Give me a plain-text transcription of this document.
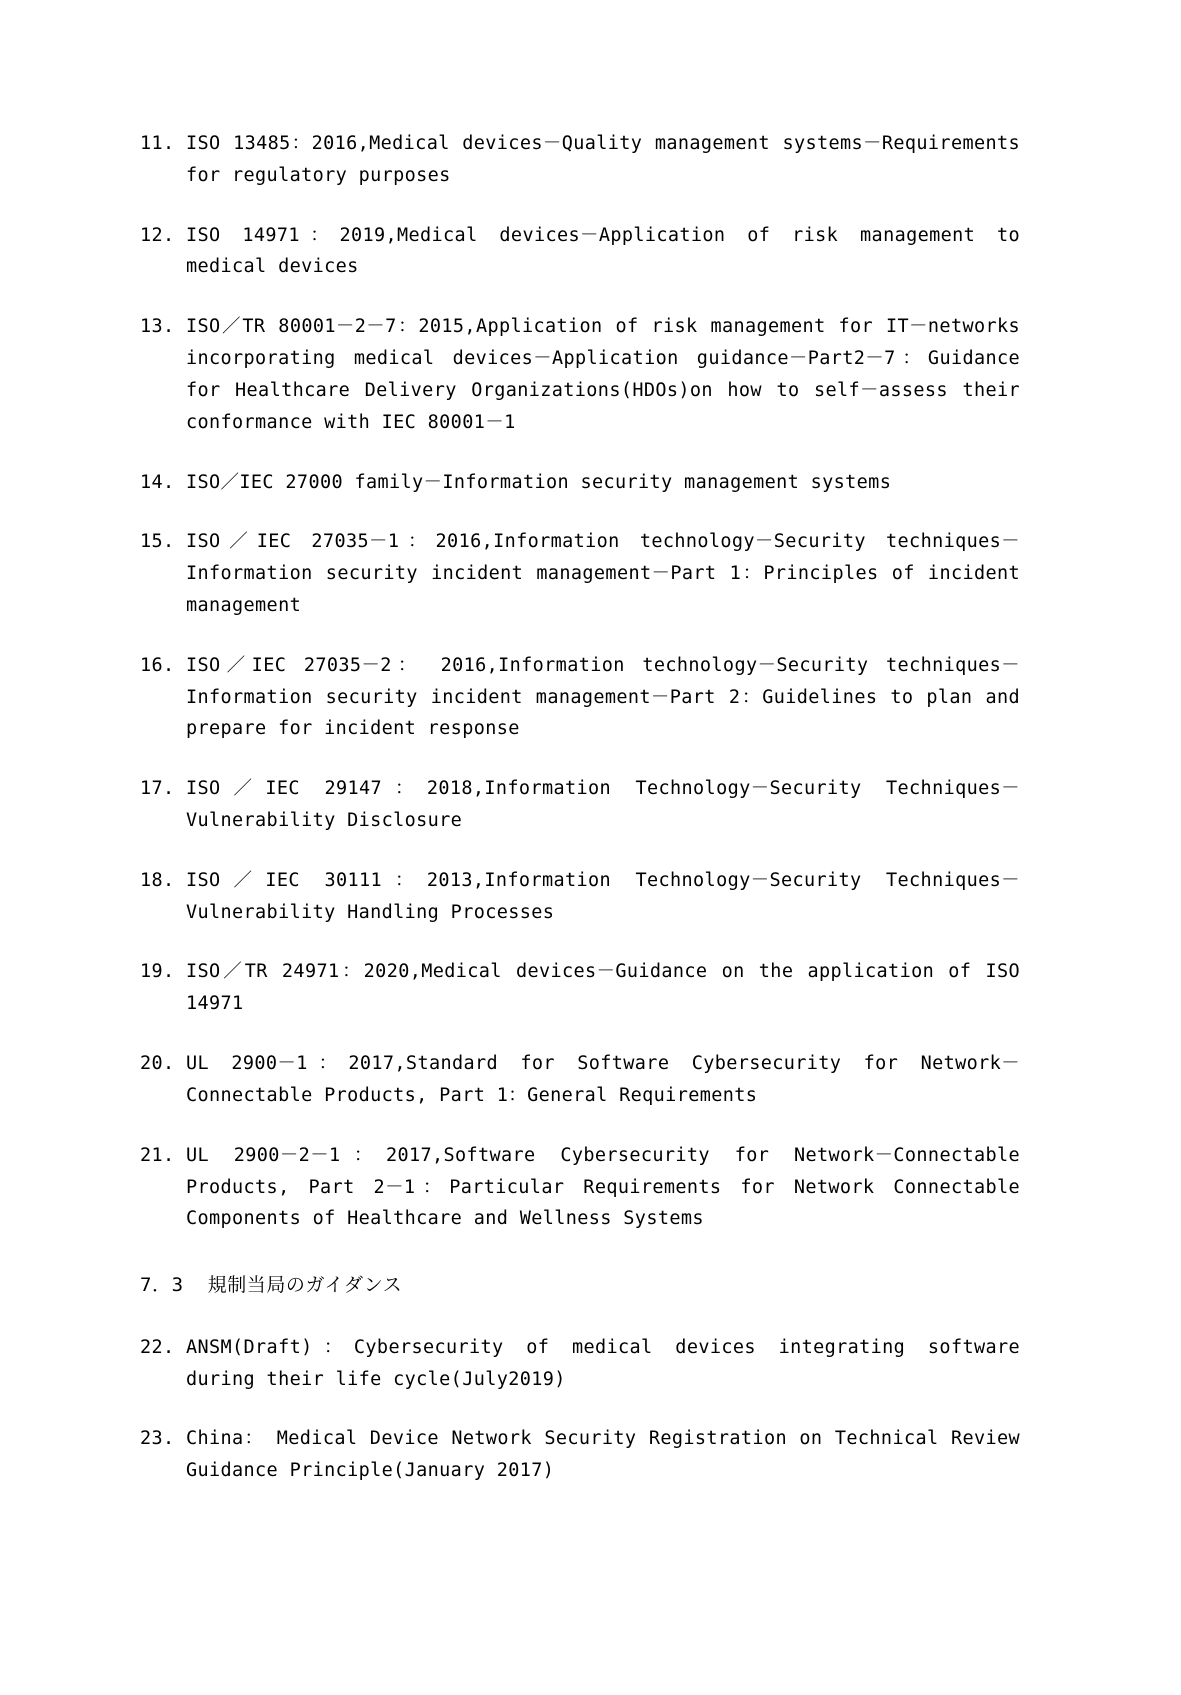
11. ISO 13485：2016,Medical devices－Quality management systems－Requirements for regulatory purposes
12. ISO 14971：2019,Medical devices－Application of risk management to medical devices
13. ISO／TR 80001－2－7：2015,Application of risk management for IT－networks incorporating medical devices－Application guidance－Part2－7：Guidance for Healthcare Delivery Organizations(HDOs)on how to self－assess their conformance with IEC 80001－1
14. ISO／IEC 27000 family－Information security management systems
15. ISO／IEC 27035－1：2016,Information technology－Security techniques－Information security incident management－Part 1：Principles of incident management
16. ISO／IEC 27035－2： 2016,Information technology－Security techniques－Information security incident management－Part 2：Guidelines to plan and prepare for incident response
17. ISO／IEC 29147：2018,Information Technology－Security Techniques－Vulnerability Disclosure
18. ISO／IEC 30111：2013,Information Technology－Security Techniques－Vulnerability Handling Processes
19. ISO／TR 24971：2020,Medical devices－Guidance on the application of ISO 14971
20. UL 2900－1：2017,Standard for Software Cybersecurity for Network－Connectable Products, Part 1：General Requirements
21. UL 2900－2－1：2017,Software Cybersecurity for Network－Connectable Products, Part 2－1：Particular Requirements for Network Connectable Components of Healthcare and Wellness Systems
7．3 規制当局のガイダンス
22. ANSM(Draft)：Cybersecurity of medical devices integrating software during their life cycle(July2019)
23. China： Medical Device Network Security Registration on Technical Review Guidance Principle(January 2017)
